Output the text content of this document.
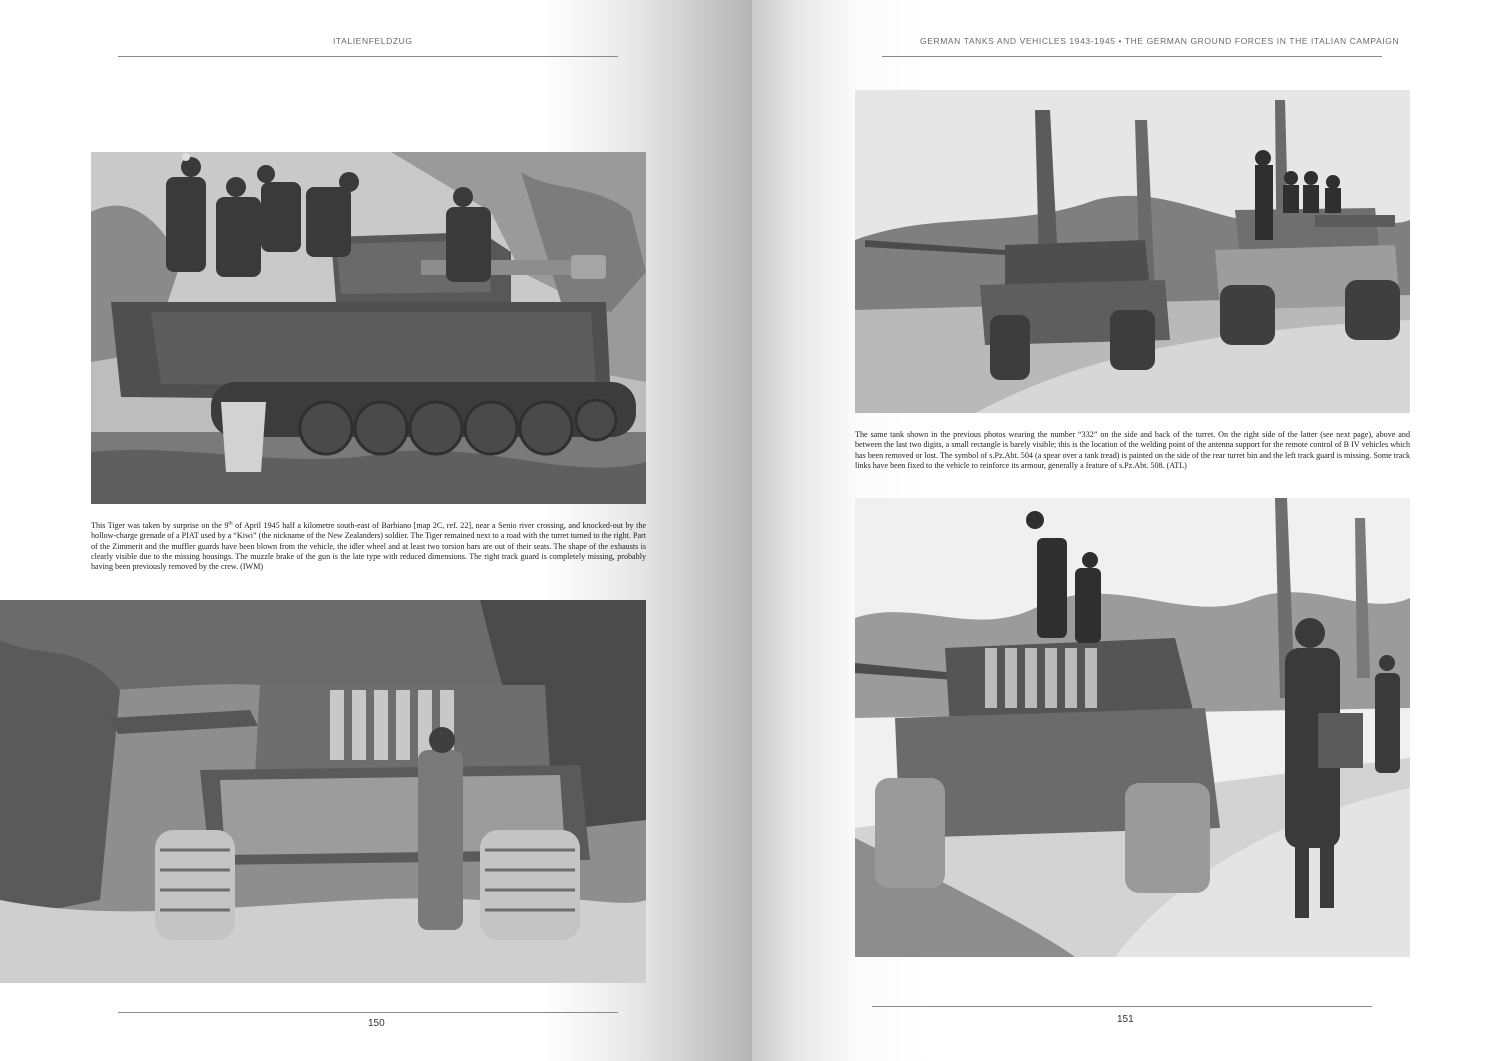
ITALIENFELDZUG

This Tiger was taken by surprise on the 9th of April 1945 half a kilometre south-east of Barbiano [map 2C, ref. 22], near a Senio river crossing, and knocked-out by the hollow-charge grenade of a PIAT used by a “Kiwi” (the nickname of the New Zealanders) soldier. The Tiger remained next to a road with the turret turned to the right. Part of the Zimmerit and the muffler guards have been blown from the vehicle, the idler wheel and at least two torsion bars are out of their seats. The shape of the exhausts is clearly visible due to the missing housings. The muzzle brake of the gun is the late type with reduced dimensions. The right track guard is completely missing, probably having been previously removed by the crew. (IWM)

150

GERMAN TANKS AND VEHICLES 1943-1945 • THE GERMAN GROUND FORCES IN THE ITALIAN CAMPAIGN

The same tank shown in the previous photos wearing the number “332” on the side and back of the turret. On the right side of the latter (see next page), above and between the last two digits, a small rectangle is barely visible; this is the location of the welding point of the antenna support for the remote control of B IV vehicles which has been removed or lost. The symbol of s.Pz.Abt. 504 (a spear over a tank tread) is painted on the side of the rear turret bin and the left track guard is missing. Some track links have been fixed to the vehicle to reinforce its armour, generally a feature of s.Pz.Abt. 508. (ATL)

151
